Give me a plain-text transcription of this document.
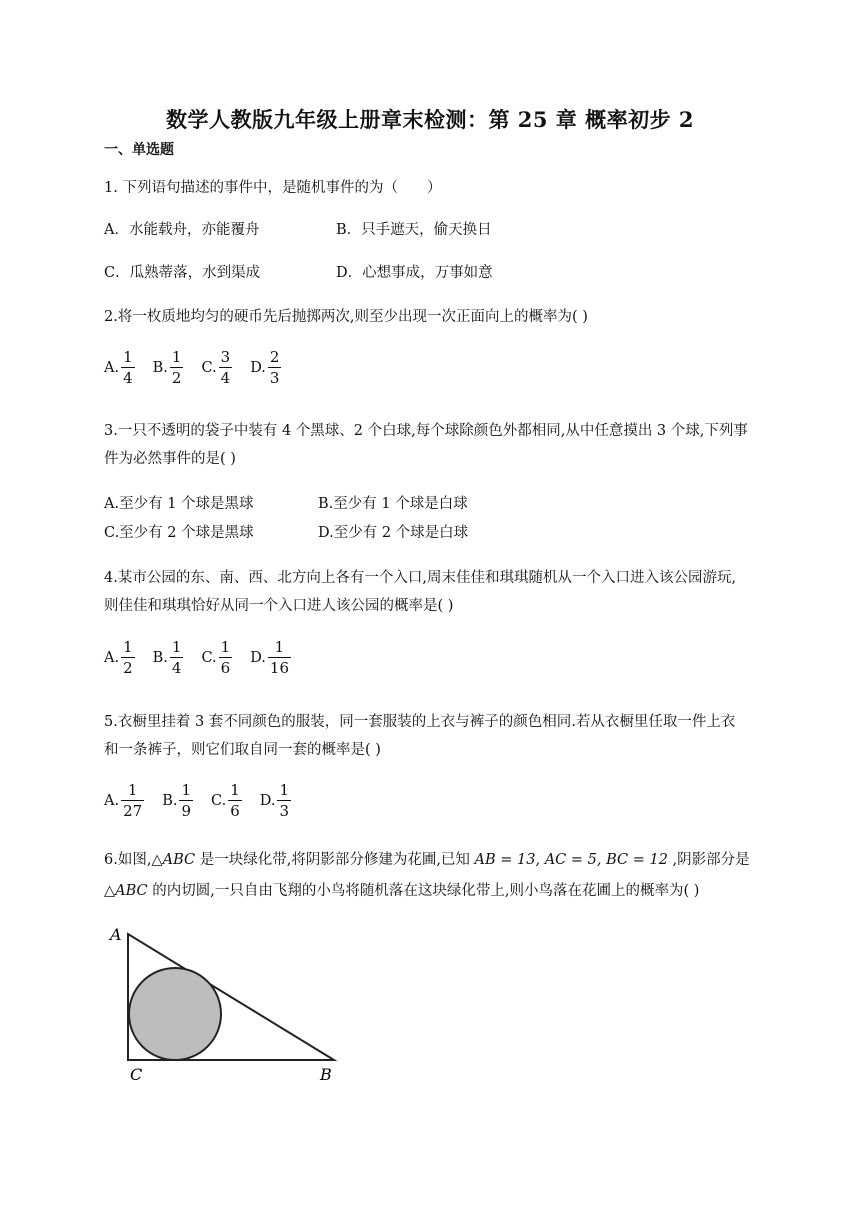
数学人教版九年级上册章末检测：第 25 章 概率初步 2
一、单选题
1. 下列语句描述的事件中，是随机事件的为（　　）
A．水能载舟，亦能覆舟	B．只手遮天，偷天换日
C．瓜熟蒂落，水到渠成	D．心想事成，万事如意
2.将一枚质地均匀的硬币先后抛掷两次,则至少出现一次正面向上的概率为( )
A. $\frac{1}{4} B$. $\frac{1}{2} C$. $\frac{3}{4} D$. $\frac{2}{3}$
3.一只不透明的袋子中装有 4 个黑球、2 个白球,每个球除颜色外都相同,从中任意摸出 3 个球,下列事
件为必然事件的是( )
A.至少有 1 个球是黑球	B.至少有 1 个球是白球
C.至少有 2 个球是黑球	D.至少有 2 个球是白球
4.某市公园的东、南、西、北方向上各有一个入口,周末佳佳和琪琪随机从一个入口进入该公园游玩,
则佳佳和琪琪恰好从同一个入口进人该公园的概率是( )
A. $\frac{1}{2} B$. $\frac{1}{4} C$. $\frac{1}{6} D$. $\frac{1}{16}$
5.衣橱里挂着 3 套不同颜色的服装，同一套服装的上衣与裤子的颜色相同.若从衣橱里任取一件上衣
和一条裤子，则它们取自同一套的概率是( )
A. $\frac{1}{27} B$. $\frac{1}{9} C$. $\frac{1}{6} D$. $\frac{1}{3}$
6.如图,△ABC 是一块绿化带,将阴影部分修建为花圃,已知 AB = 13, AC = 5, BC = 12 ,阴影部分是
△ABC 的内切圆,一只自由飞翔的小鸟将随机落在这块绿化带上,则小鸟落在花圃上的概率为( )
A
C	B
